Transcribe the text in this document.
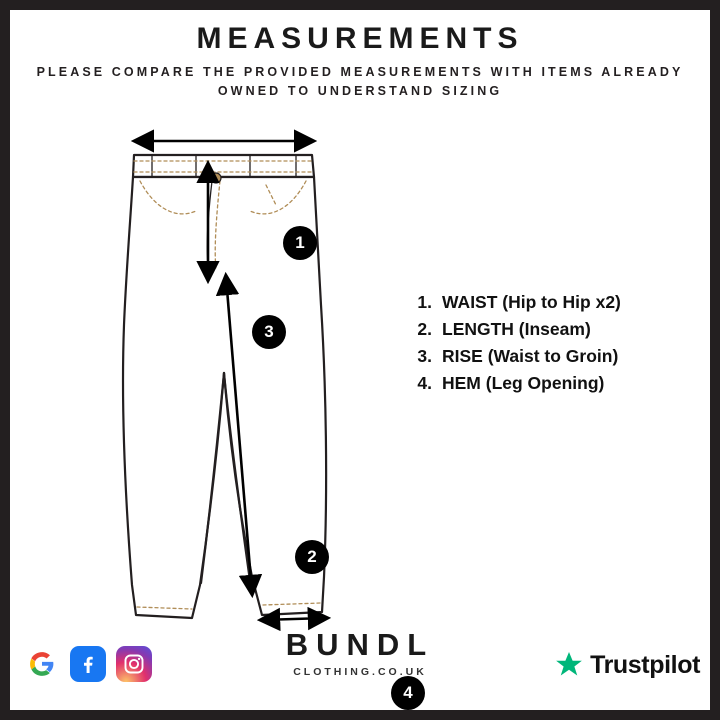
MEASUREMENTS
PLEASE COMPARE THE PROVIDED MEASUREMENTS WITH ITEMS ALREADY OWNED TO UNDERSTAND SIZING
1
3
2
4
1. WAIST (Hip to Hip x2)
2. LENGTH (Inseam)
3. RISE (Waist to Groin)
4. HEM (Leg Opening)
BUNDL
CLOTHING.CO.UK	Trustpilot
